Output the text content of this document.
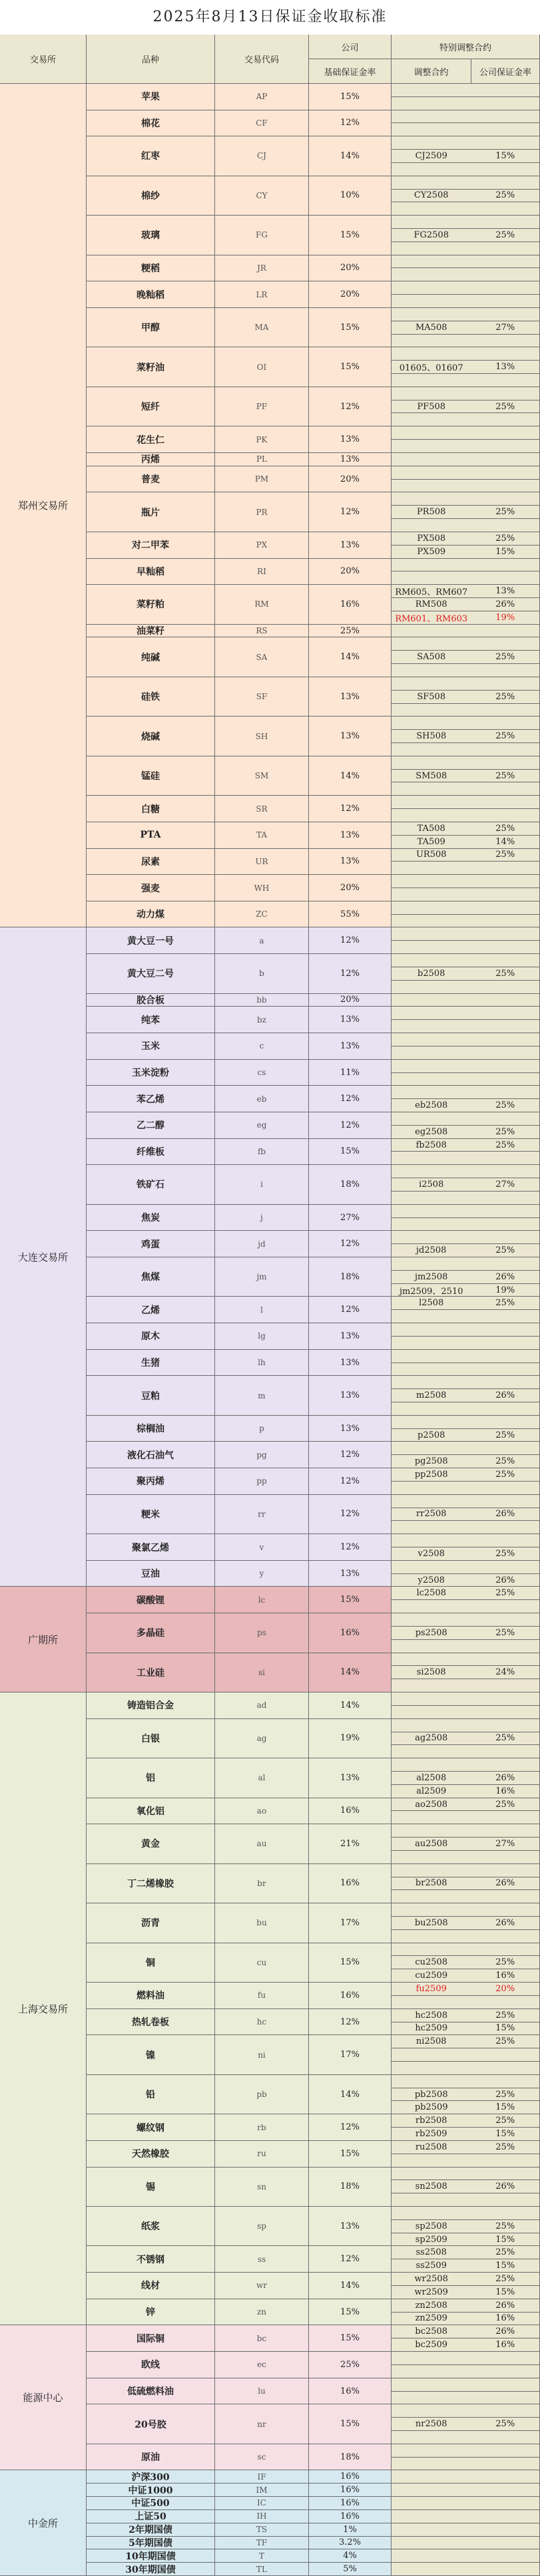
2025年8月13日保证金收取标准
交易所	品种	交易代码
公司
基础保证金率
特别调整合约
调整合约	公司保证金率
苹果	AP	15%
棉花	CF	12%
红枣	CJ	14%	CJ2509	15%
棉纱	CY	10%	CY2508	25%
玻璃	FG	15%	FG2508	25%
粳稻	JR	20%
晚籼稻	LR	20%
甲醇	MA	15%	MA508	27%
菜籽油	OI	15%	01605、01607	13%
短纤	PF	12%	PF508	25%
花生仁	PK	13%
丙烯	PL	13%
普麦	PM	20%
瓶片	PR	12%	PR508	25%
对二甲苯	PX	13%
PX508	25%
PX509	15%
早籼稻	RI	20%
菜籽粕	RM	16%
RM605、RM607	13%
RM508	26%
RM601、RM603	19%
油菜籽	RS	25%
纯碱	SA	14%	SA508	25%
硅铁	SF	13%	SF508	25%
烧碱	SH	13%	SH508	25%
锰硅	SM	14%	SM508	25%
白糖	SR	12%
PTA	TA	13%
TA508	25%
TA509	14%
尿素	UR	13%
UR508	25%
强麦	WH	20%
动力煤	ZC	55%
郑州交易所
黄大豆一号	a	12%
黄大豆二号	b	12%	b2508	25%
胶合板	bb	20%
纯苯	bz	13%
玉米	c	13%
玉米淀粉	cs	11%
苯乙烯	eb	12%
eb2508	25%
乙二醇	eg	12%
eg2508	25%
纤维板	fb	15%
fb2508	25%
铁矿石	i	18%	i2508	27%
焦炭	j	27%
鸡蛋	jd	12%
jd2508	25%
焦煤	jm	18%	jm2508	26%
jm2509、2510	19%
乙烯	l	12%
l2508	25%
原木	lg	13%
生猪	lh	13%
豆粕	m	13%	m2508	26%
棕榈油	p	13%
p2508	25%
液化石油气	pg	12%
pg2508	25%
聚丙烯	pp	12%
pp2508	25%
粳米	rr	12%	rr2508	26%
聚氯乙烯	v	12%
v2508	25%
豆油	y	13%
y2508	26%
大连交易所
碳酸锂	lc	15%
lc2508	25%
多晶硅	ps	16%	ps2508	25%
工业硅	si	14%	si2508	24%
广期所
铸造铝合金	ad	14%
白银	ag	19%	ag2508	25%
铝	al	13%	al2508	26%
al2509	16%
氧化铝	ao	16%
ao2508	25%
黄金	au	21%	au2508	27%
丁二烯橡胶	br	16%	br2508	26%
沥青	bu	17%	bu2508	26%
铜	cu	15%	cu2508	25%
cu2509	16%
燃料油	fu	16%
fu2509	20%
热轧卷板	hc	12%
hc2508	25%
hc2509	15%
镍	ni	17%
ni2508	25%
铅	pb	14%	pb2508	25%
pb2509	15%
螺纹钢	rb	12%
rb2508	25%
rb2509	15%
天然橡胶	ru	15%
ru2508	25%
锡	sn	18%	sn2508	26%
纸浆	sp	13%	sp2508	25%
sp2509	15%
不锈钢	ss	12%
ss2508	25%
ss2509	15%
线材	wr	14%
wr2508	25%
wr2509	15%
锌	zn	15%
zn2508	26%
zn2509	16%
上海交易所
国际铜	bc	15%
bc2508	26%
bc2509	16%
欧线	ec	25%
低硫燃料油	lu	16%
20号胶	nr	15%	nr2508	25%
原油	sc	18%
能源中心
沪深300	IF	16%
中证1000	IM	16%
中证500	IC	16%
上证50	IH	16%
2年期国债	TS	1%
5年期国债	TF	3.2%
10年期国债	T	4%
30年期国债	TL	5%
中金所
